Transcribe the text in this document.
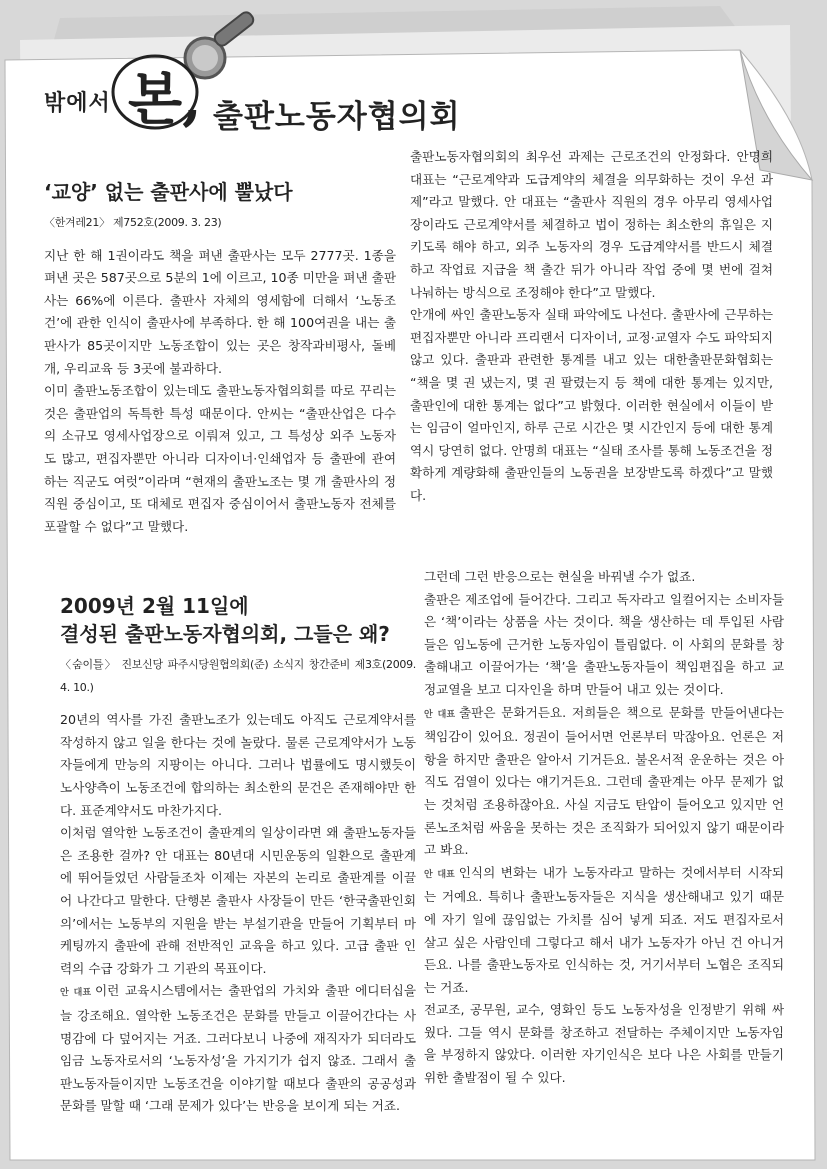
밖에서 본, 출판노동자협의회
‘교양’ 없는 출판사에 뿔났다
〈한겨레21〉 제752호(2009. 3. 23)

지난 한 해 1권이라도 책을 펴낸 출판사는 모두 2777곳. 1종을 펴낸 곳은 587곳으로 5분의 1에 이르고, 10종 미만을 펴낸 출판사는 66%에 이른다. 출판사 자체의 영세함에 더해서 ‘노동조건’에 관한 인식이 출판사에 부족하다. 한 해 100여권을 내는 출판사가 85곳이지만 노동조합이 있는 곳은 창작과비평사, 돌베개, 우리교육 등 3곳에 불과하다.

이미 출판노동조합이 있는데도 출판노동자협의회를 따로 꾸리는 것은 출판업의 독특한 특성 때문이다. 안씨는 “출판산업은 다수의 소규모 영세사업장으로 이뤄져 있고, 그 특성상 외주 노동자도 많고, 편집자뿐만 아니라 디자이너·인쇄업자 등 출판에 관여하는 직군도 여럿”이라며 “현재의 출판노조는 몇 개 출판사의 정직원 중심이고, 또 대체로 편집자 중심이어서 출판노동자 전체를 포괄할 수 없다”고 말했다.

출판노동자협의회의 최우선 과제는 근로조건의 안정화다. 안명희 대표는 “근로계약과 도급계약의 체결을 의무화하는 것이 우선 과제”라고 말했다. 안 대표는 “출판사 직원의 경우 아무리 영세사업장이라도 근로계약서를 체결하고 법이 정하는 최소한의 휴일은 지키도록 해야 하고, 외주 노동자의 경우 도급계약서를 반드시 체결하고 작업료 지급을 책 출간 뒤가 아니라 작업 중에 몇 번에 걸쳐 나눠하는 방식으로 조정해야 한다”고 말했다.

안개에 싸인 출판노동자 실태 파악에도 나선다. 출판사에 근무하는 편집자뿐만 아니라 프리랜서 디자이너, 교정·교열자 수도 파악되지 않고 있다. 출판과 관련한 통계를 내고 있는 대한출판문화협회는 “책을 몇 권 냈는지, 몇 권 팔렸는지 등 책에 대한 통계는 있지만, 출판인에 대한 통계는 없다”고 밝혔다. 이러한 현실에서 이들이 받는 임금이 얼마인지, 하루 근로 시간은 몇 시간인지 등에 대한 통계 역시 당연히 없다. 안명희 대표는 “실태 조사를 통해 노동조건을 정확하게 계량화해 출판인들의 노동권을 보장받도록 하겠다”고 말했다.

2009년 2월 11일에
결성된 출판노동자협의회, 그들은 왜?
〈숨이틀〉 진보신당 파주시당원협의회(준) 소식지 창간준비 제3호(2009. 4. 10.)

20년의 역사를 가진 출판노조가 있는데도 아직도 근로계약서를 작성하지 않고 일을 한다는 것에 놀랐다. 물론 근로계약서가 노동자들에게 만능의 지팡이는 아니다. 그러나 법률에도 명시했듯이 노사양측이 노동조건에 합의하는 최소한의 문건은 존재해야만 한다. 표준계약서도 마찬가지다.

이처럼 열악한 노동조건이 출판계의 일상이라면 왜 출판노동자들은 조용한 걸까? 안 대표는 80년대 시민운동의 일환으로 출판계에 뛰어들었던 사람들조차 이제는 자본의 논리로 출판계를 이끌어 나간다고 말한다. 단행본 출판사 사장들이 만든 ‘한국출판인회의’에서는 노동부의 지원을 받는 부설기관을 만들어 기획부터 마케팅까지 출판에 관해 전반적인 교육을 하고 있다. 고급 출판 인력의 수급 강화가 그 기관의 목표이다.

안 대표 이런 교육시스템에서는 출판업의 가치와 출판 에디터십을 늘 강조해요. 열악한 노동조건은 문화를 만들고 이끌어간다는 사명감에 다 덮어지는 거죠. 그러다보니 나중에 재직자가 되더라도 임금 노동자로서의 ‘노동자성’을 가지기가 쉽지 않죠. 그래서 출판노동자들이지만 노동조건을 이야기할 때보다 출판의 공공성과 문화를 말할 때 ‘그래 문제가 있다’는 반응을 보이게 되는 거죠.

그런데 그런 반응으로는 현실을 바꿔낼 수가 없죠.

출판은 제조업에 들어간다. 그리고 독자라고 일컬어지는 소비자들은 ‘책’이라는 상품을 사는 것이다. 책을 생산하는 데 투입된 사람들은 임노동에 근거한 노동자임이 틀림없다. 이 사회의 문화를 창출해내고 이끌어가는 ‘책’을 출판노동자들이 책임편집을 하고 교정교열을 보고 디자인을 하며 만들어 내고 있는 것이다.

안 대표 출판은 문화거든요. 저희들은 책으로 문화를 만들어낸다는 책임감이 있어요. 정권이 들어서면 언론부터 막잖아요. 언론은 저항을 하지만 출판은 알아서 기거든요. 불온서적 운운하는 것은 아직도 검열이 있다는 얘기거든요. 그런데 출판계는 아무 문제가 없는 것처럼 조용하잖아요. 사실 지금도 탄압이 들어오고 있지만 언론노조처럼 싸움을 못하는 것은 조직화가 되어있지 않기 때문이라고 봐요.

안 대표 인식의 변화는 내가 노동자라고 말하는 것에서부터 시작되는 거예요. 특히나 출판노동자들은 지식을 생산해내고 있기 때문에 자기 일에 끊임없는 가치를 심어 넣게 되죠. 저도 편집자로서 살고 싶은 사람인데 그렇다고 해서 내가 노동자가 아닌 건 아니거든요. 나를 출판노동자로 인식하는 것, 거기서부터 노협은 조직되는 거죠.

전교조, 공무원, 교수, 영화인 등도 노동자성을 인정받기 위해 싸웠다. 그들 역시 문화를 창조하고 전달하는 주체이지만 노동자임을 부정하지 않았다. 이러한 자기인식은 보다 나은 사회를 만들기 위한 출발점이 될 수 있다.
